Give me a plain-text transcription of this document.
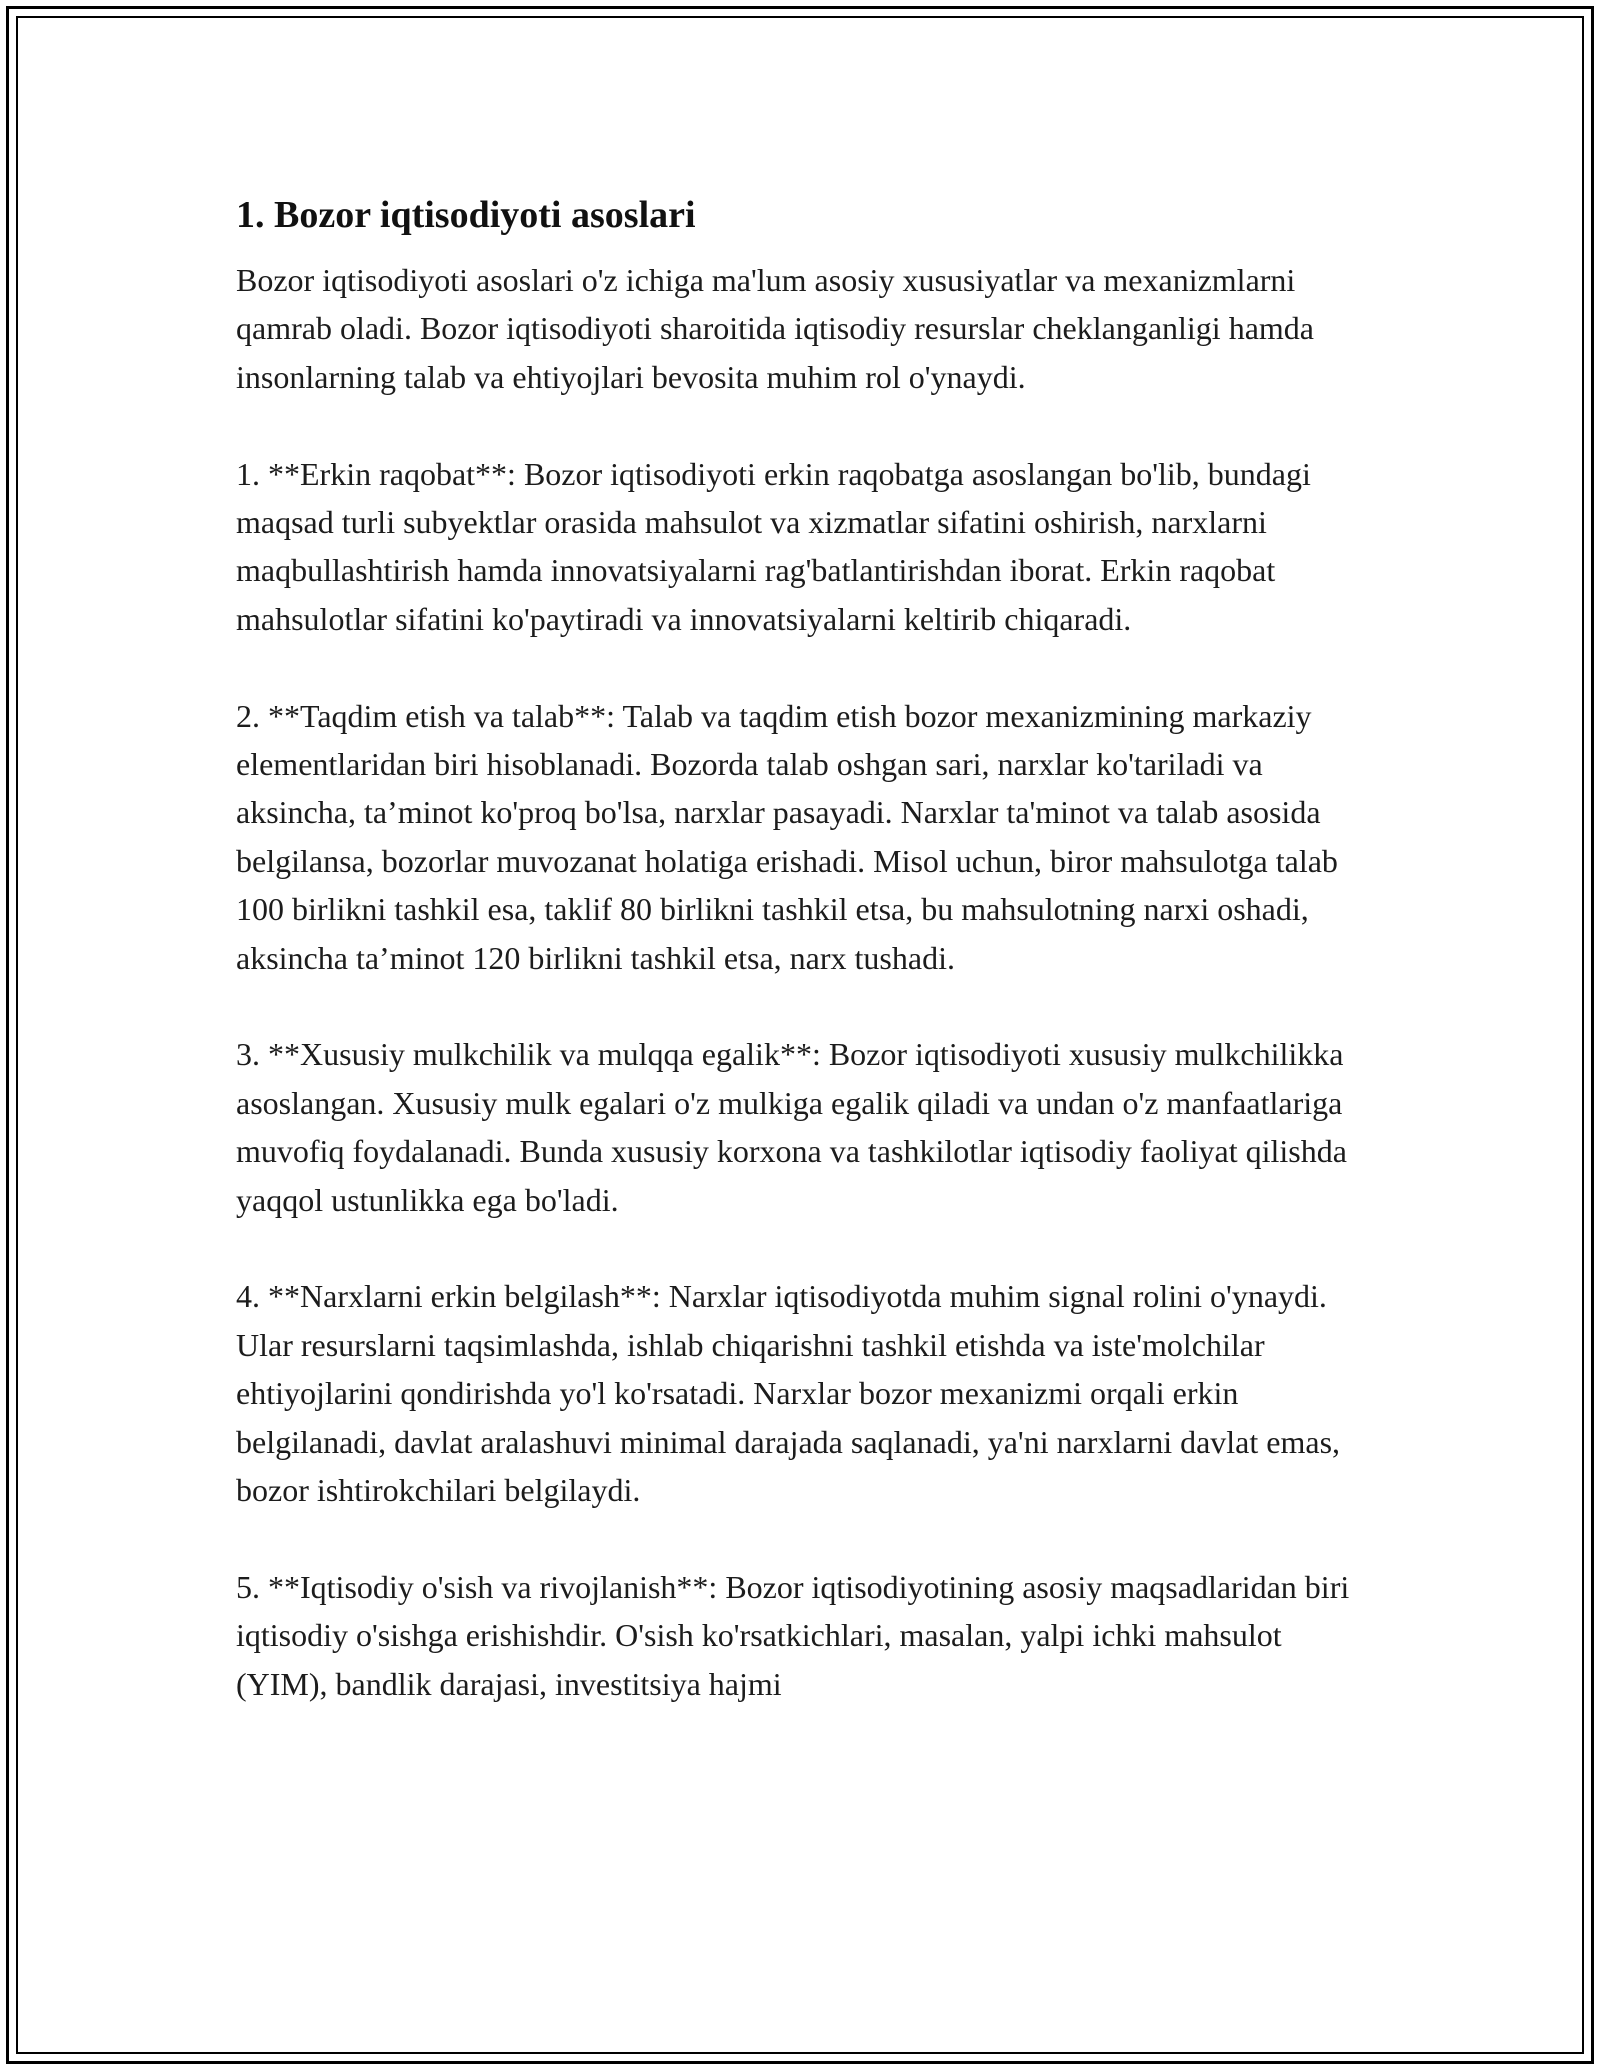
1. Bozor iqtisodiyoti asoslari

Bozor iqtisodiyoti asoslari o'z ichiga ma'lum asosiy xususiyatlar va mexanizmlarni qamrab oladi. Bozor iqtisodiyoti sharoitida iqtisodiy resurslar cheklanganligi hamda insonlarning talab va ehtiyojlari bevosita muhim rol o'ynaydi.

1. **Erkin raqobat**: Bozor iqtisodiyoti erkin raqobatga asoslangan bo'lib, bundagi maqsad turli subyektlar orasida mahsulot va xizmatlar sifatini oshirish, narxlarni maqbullashtirish hamda innovatsiyalarni rag'batlantirishdan iborat. Erkin raqobat mahsulotlar sifatini ko'paytiradi va innovatsiyalarni keltirib chiqaradi.

2. **Taqdim etish va talab**: Talab va taqdim etish bozor mexanizmining markaziy elementlaridan biri hisoblanadi. Bozorda talab oshgan sari, narxlar ko'tariladi va aksincha, ta’minot ko'proq bo'lsa, narxlar pasayadi. Narxlar ta'minot va talab asosida belgilansa, bozorlar muvozanat holatiga erishadi. Misol uchun, biror mahsulotga talab 100 birlikni tashkil esa, taklif 80 birlikni tashkil etsa, bu mahsulotning narxi oshadi, aksincha ta’minot 120 birlikni tashkil etsa, narx tushadi.

3. **Xususiy mulkchilik va mulqqa egalik**: Bozor iqtisodiyoti xususiy mulkchilikka asoslangan. Xususiy mulk egalari o'z mulkiga egalik qiladi va undan o'z manfaatlariga muvofiq foydalanadi. Bunda xususiy korxona va tashkilotlar iqtisodiy faoliyat qilishda yaqqol ustunlikka ega bo'ladi.

4. **Narxlarni erkin belgilash**: Narxlar iqtisodiyotda muhim signal rolini o'ynaydi. Ular resurslarni taqsimlashda, ishlab chiqarishni tashkil etishda va iste'molchilar ehtiyojlarini qondirishda yo'l ko'rsatadi. Narxlar bozor mexanizmi orqali erkin belgilanadi, davlat aralashuvi minimal darajada saqlanadi, ya'ni narxlarni davlat emas, bozor ishtirokchilari belgilaydi.

5. **Iqtisodiy o'sish va rivojlanish**: Bozor iqtisodiyotining asosiy maqsadlaridan biri iqtisodiy o'sishga erishishdir. O'sish ko'rsatkichlari, masalan, yalpi ichki mahsulot (YIM), bandlik darajasi, investitsiya hajmi
